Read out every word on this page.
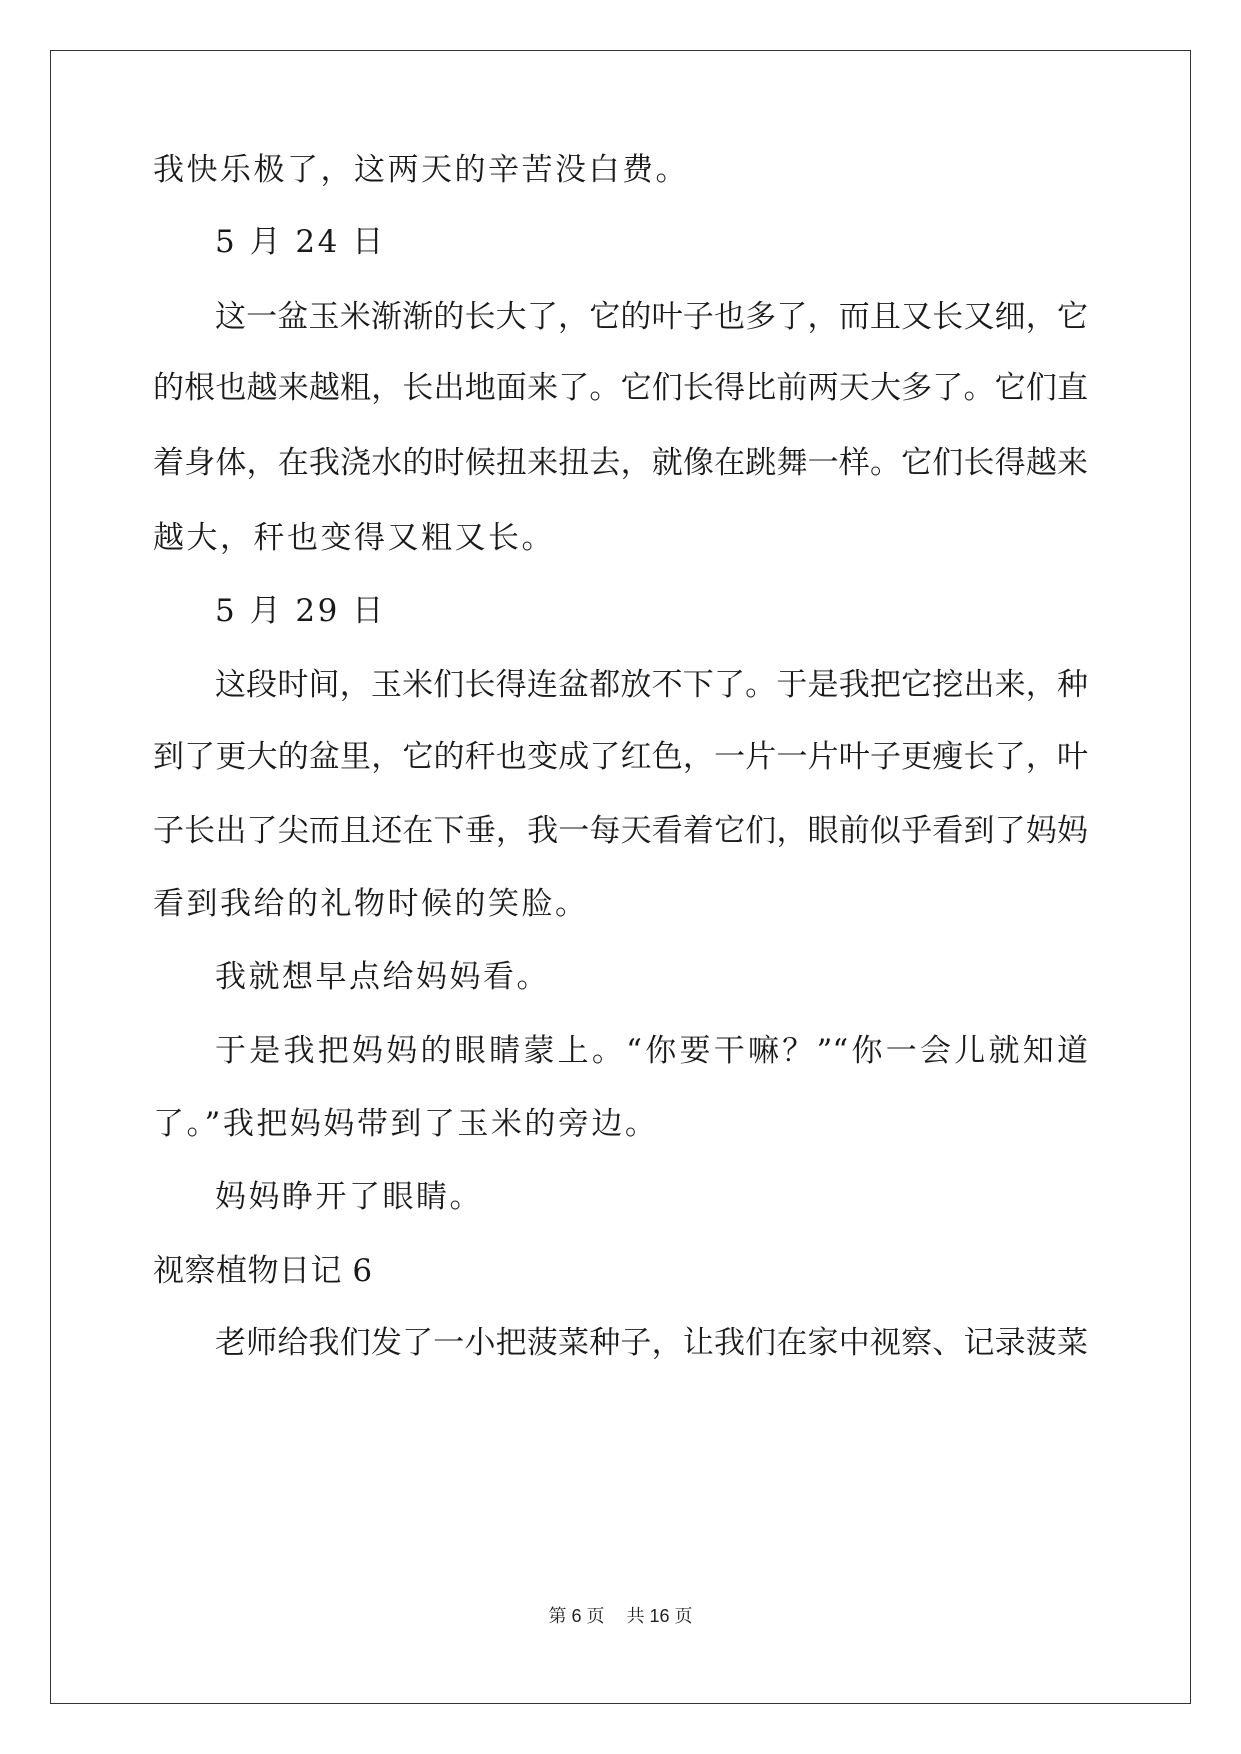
我快乐极了，这两天的辛苦没白费。
5 月 24 日
这一盆玉米渐渐的长大了，它的叶子也多了，而且又长又细，它
的根也越来越粗，长出地面来了。它们长得比前两天大多了。它们直
着身体，在我浇水的时候扭来扭去，就像在跳舞一样。它们长得越来
越大，秆也变得又粗又长。
5 月 29 日
这段时间，玉米们长得连盆都放不下了。于是我把它挖出来，种
到了更大的盆里，它的秆也变成了红色，一片一片叶子更瘦长了，叶
子长出了尖而且还在下垂，我一每天看着它们，眼前似乎看到了妈妈
看到我给的礼物时候的笑脸。
我就想早点给妈妈看。
于是我把妈妈的眼睛蒙上。“你要干嘛？”“你一会儿就知道
了。”我把妈妈带到了玉米的旁边。
妈妈睁开了眼睛。
视察植物日记 6
老师给我们发了一小把菠菜种子，让我们在家中视察、记录菠菜
第 6 页 共 16 页
